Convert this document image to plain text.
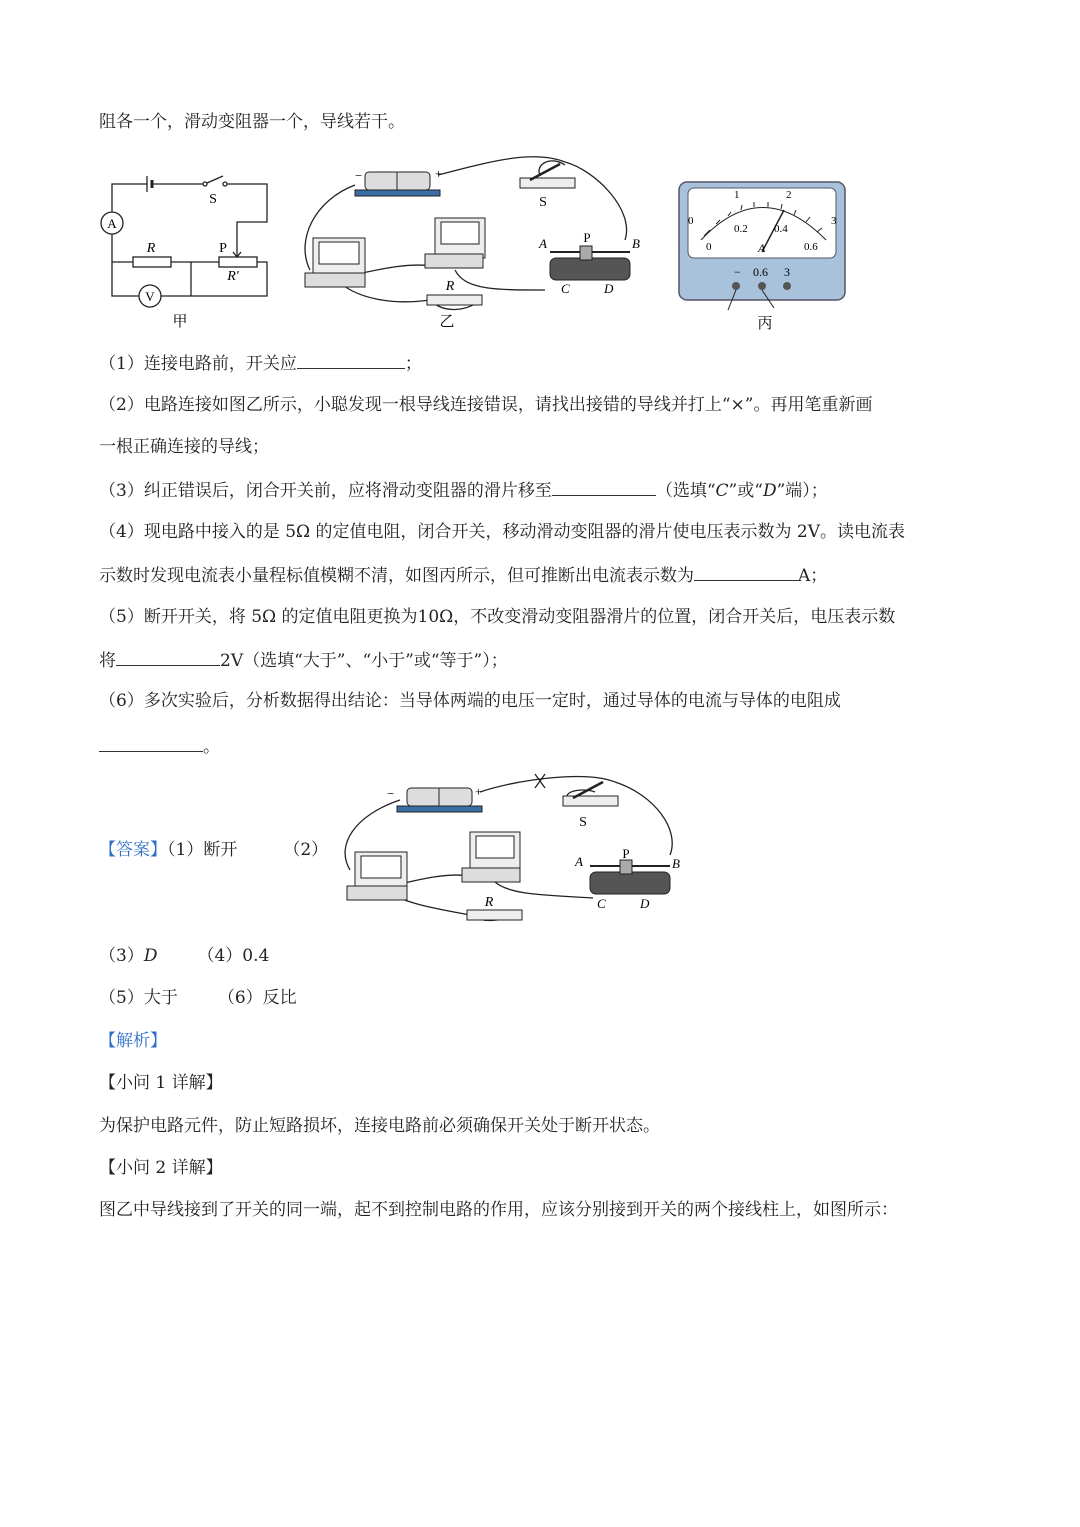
阻各一个，滑动变阻器一个，导线若干。
A
V
S
R	P
R′
甲
−	+
S
R
A	B
C	D
P
乙
0
1	2
3
0
0.2 0.4
0.6
A
− 0.6 3
丙
（1）连接电路前，开关应	；
（2）电路连接如图乙所示，小聪发现一根导线连接错误，请找出接错的导线并打上“×”。再用笔重新画
一根正确连接的导线；
（3）纠正错误后，闭合开关前，应将滑动变阻器的滑片移至	（选填“C”或“D”端）；
（4）现电路中接入的是 5Ω 的定值电阻，闭合开关，移动滑动变阻器的滑片使电压表示数为 2V。读电流表
示数时发现电流表小量程标值模糊不清，如图丙所示，但可推断出电流表示数为	A；
（5）断开开关，将 5Ω 的定值电阻更换为10Ω，不改变滑动变阻器滑片的位置，闭合开关后，电压表示数
将	2V（选填“大于”、“小于”或“等于”）；
（6）多次实验后，分析数据得出结论：当导体两端的电压一定时，通过导体的电流与导体的电阻成
。
【答案】（1）断开	（2）
−	+
S
R
A	B
C	D
P
（3）D （4）0.4
（5）大于 （6）反比
【解析】
【小问 1 详解】
为保护电路元件，防止短路损坏，连接电路前必须确保开关处于断开状态。
【小问 2 详解】
图乙中导线接到了开关的同一端，起不到控制电路的作用，应该分别接到开关的两个接线柱上，如图所示：
